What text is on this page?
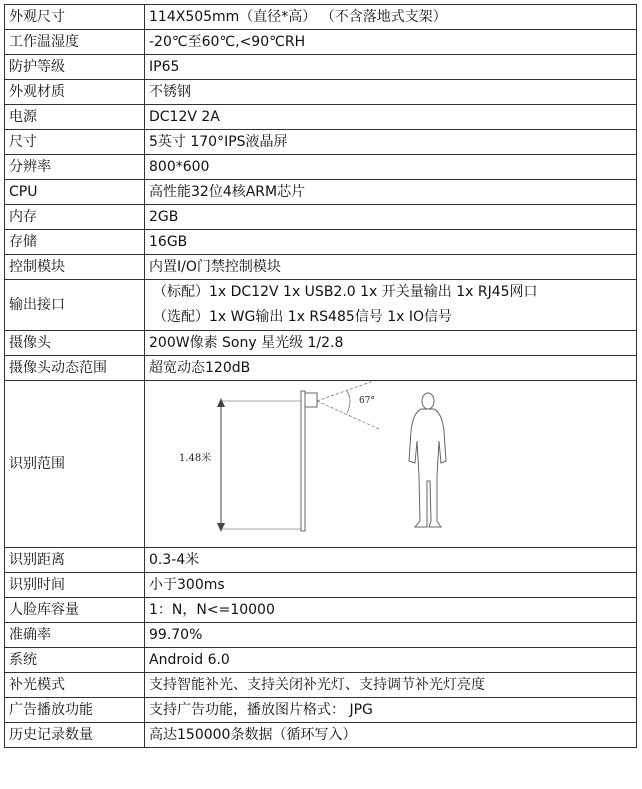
外观尺寸	114X505mm（直径*高） （不含落地式支架）
工作温湿度	-20℃至60℃,<90℃RH
防护等级	IP65
外观材质	不锈钢
电源	DC12V 2A
尺寸	5英寸 170°IPS液晶屏
分辨率	800*600
CPU	高性能32位4核ARM芯片
内存	2GB
存储	16GB
控制模块	内置I/O门禁控制模块
输出接口	（标配）1x DC12V 1x USB2.0 1x 开关量输出 1x RJ45网口
（选配）1x WG输出 1x RS485信号 1x IO信号

摄像头	200W像素 Sony 星光级 1/2.8
摄像头动态范围	超宽动态120dB
识别范围	1.48米
67°

识别距离	0.3-4米
识别时间	小于300ms
人脸库容量	1：N，N<=10000
准确率	99.70%
系统	Android 6.0
补光模式	支持智能补光、支持关闭补光灯、支持调节补光灯亮度
广告播放功能	支持广告功能，播放图片格式： JPG
历史记录数量	高达150000条数据（循环写入）
